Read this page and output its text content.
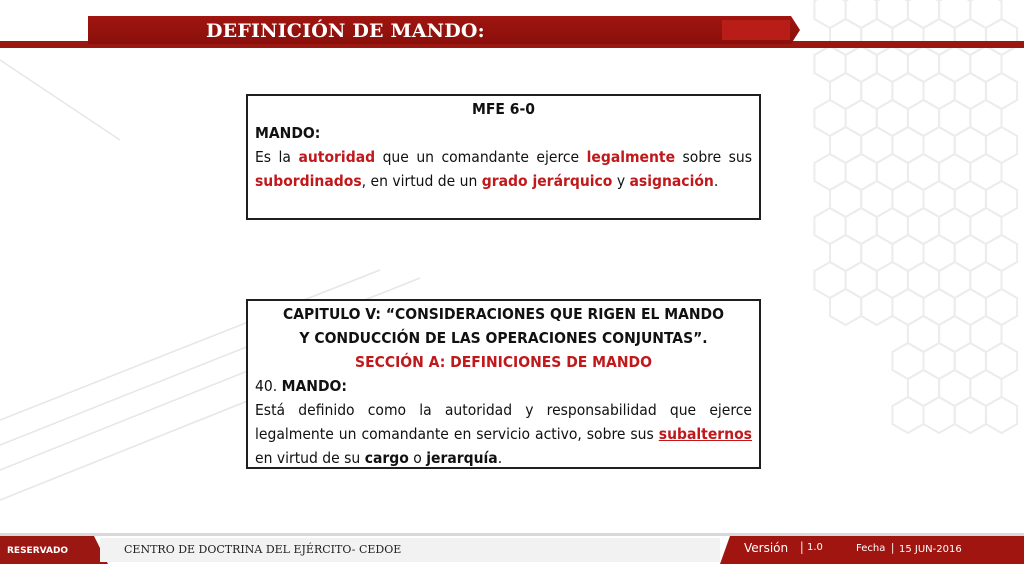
DEFINICIÓN DE MANDO:
MFE 6-0
MANDO:
Es la autoridad que un comandante ejerce legalmente sobre sus subordinados, en virtud de un grado jerárquico y asignación.
CAPITULO V: “CONSIDERACIONES QUE RIGEN EL MANDO
Y CONDUCCIÓN DE LAS OPERACIONES CONJUNTAS”.
SECCIÓN A: DEFINICIONES DE MANDO
40. MANDO:
Está definido como la autoridad y responsabilidad que ejerce legalmente un comandante en servicio activo, sobre sus subalternos en virtud de su cargo o jerarquía.
RESERVADO	CENTRO DE DOCTRINA DEL EJÉRCITO- CEDOE	Versión | 1.0	Fecha | 15 JUN-2016
